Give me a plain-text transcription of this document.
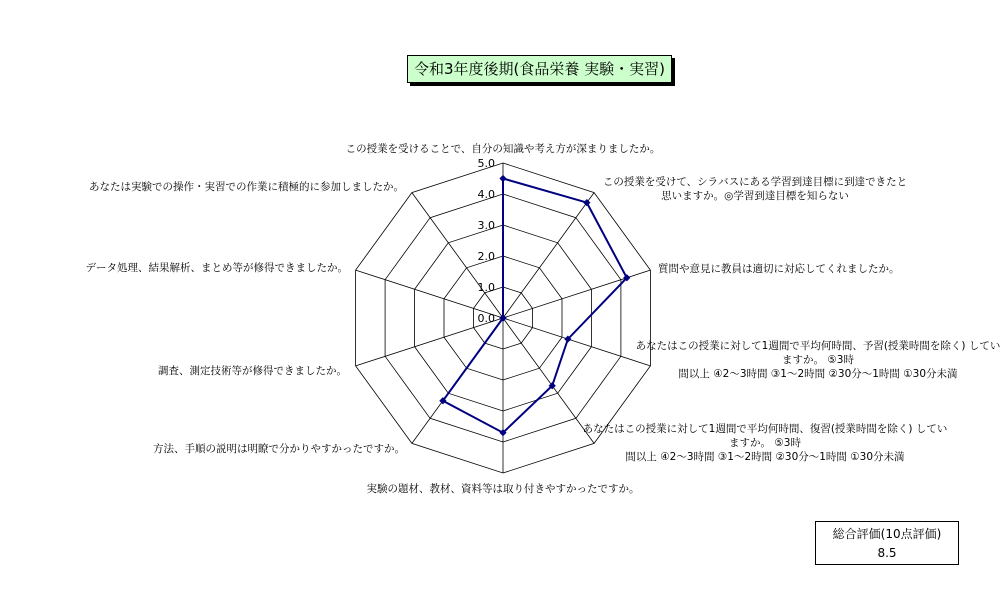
令和3年度後期(食品栄養 実験・実習)
0.0
1.0
2.0
3.0
4.0
5.0
この授業を受けることで、自分の知識や考え方が深まりましたか。
この授業を受けて、シラバスにある学習到達目標に到達できたと思いますか。◎学習到達目標を知らない
質問や意見に教員は適切に対応してくれましたか。
あなたはこの授業に対して1週間で平均何時間、予習(授業時間を除く) していますか。 ⑤3時間以上 ④2～3時間 ③1～2時間 ②30分～1時間 ①30分未満
あなたはこの授業に対して1週間で平均何時間、復習(授業時間を除く) していますか。 ⑤3時間以上 ④2～3時間 ③1～2時間 ②30分～1時間 ①30分未満
実験の題材、教材、資料等は取り付きやすかったですか。
方法、手順の説明は明瞭で分かりやすかったですか。
調査、測定技術等が修得できましたか。
データ処理、結果解析、まとめ等が修得できましたか。
あなたは実験での操作・実習での作業に積極的に参加しましたか。
総合評価(10点評価)
8.5
